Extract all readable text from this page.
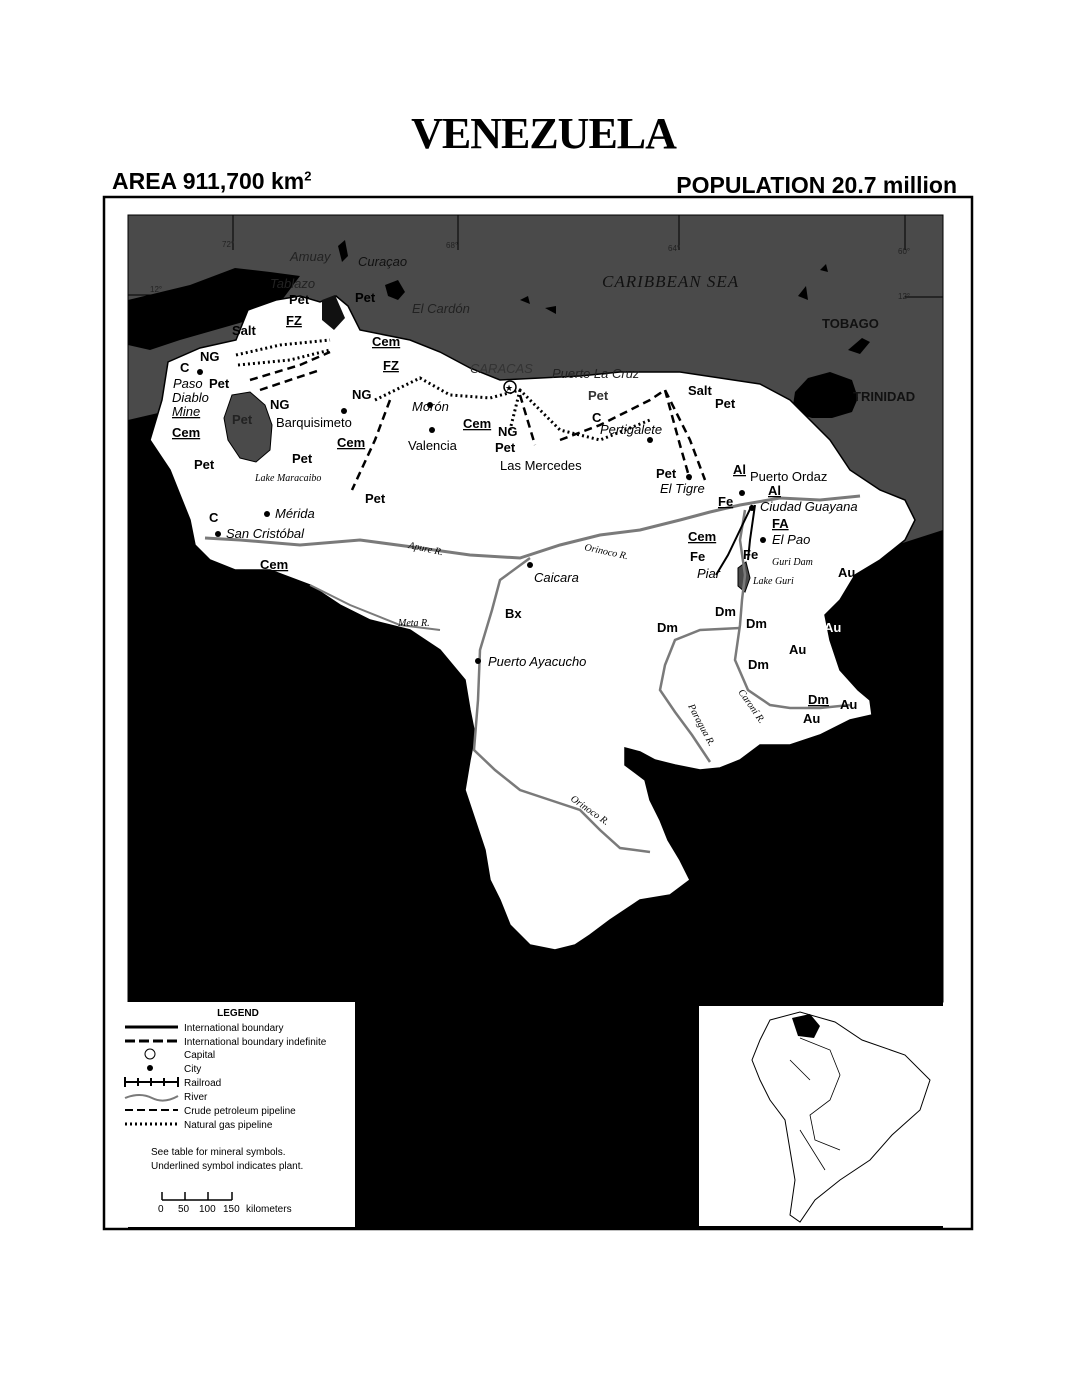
VENEZUELA
AREA 911,700 $km^2$	POPULATION 20.7 million
72°	68°	64°	60°
12°
12°
CARIBBEAN SEA
Lake Maracaibo
Lake Guri
Guri Dam
Ma
Curaçao
TOBAGO
TRINIDAD
★
Amuay
Tablazo
El Cardón
CARACAS Puerto La Cruz
Paso
Diablo
Mine
Barquisimeto
Morón
Valencia
Las Mercedes
Pertigalete
El Tigre
Puerto Ordaz
Ciudad Guayana
El Pao
Piar
Mérida
San Cristóbal
Caicara
Puerto Ayacucho
Apure R.	Orinoco R.
Orinoco R.
Meta R.
Caroní R.
Paragua R.
Salt
Pet
FZ
Pet
Cem
FZ
NG
C
Pet
Cem
Pet
NG
NG
Pet
Cem
Pet
Pet
Cem
NG
Pet
Pet
C
Salt
Pet
Pet	Al
Fe
Al
FA
Cem
Fe	Fe
C
Cem
Bx	Dm
Dm	Dm
Dm
Dm
Au
Au
Au
Au
Au
LEGEND
International boundary
International boundary indefinite
Capital
City
Railroad
River
Crude petroleum pipeline
Natural gas pipeline
See table for mineral symbols.
Underlined symbol indicates plant.
0 50 100 150 kilometers
